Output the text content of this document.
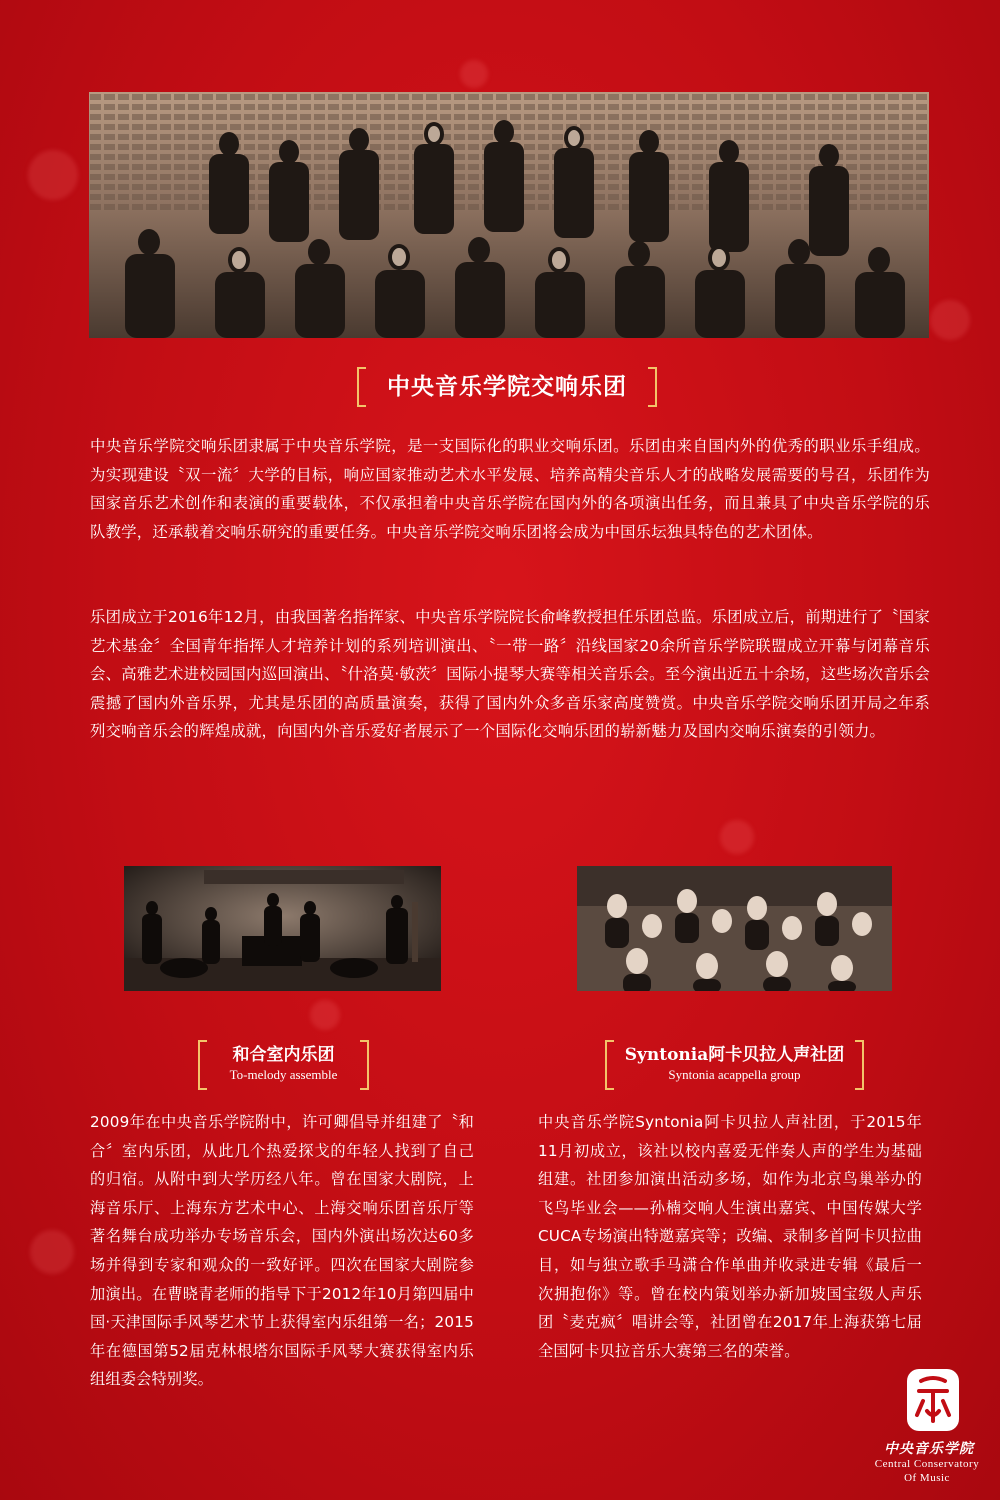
中央音乐学院交响乐团

中央音乐学院交响乐团隶属于中央音乐学院，是一支国际化的职业交响乐团。乐团由来自国内外的优秀的职业乐手组成。为实现建设〝双一流〞大学的目标，响应国家推动艺术水平发展、培养高精尖音乐人才的战略发展需要的号召，乐团作为国家音乐艺术创作和表演的重要载体，不仅承担着中央音乐学院在国内外的各项演出任务，而且兼具了中央音乐学院的乐队教学，还承载着交响乐研究的重要任务。中央音乐学院交响乐团将会成为中国乐坛独具特色的艺术团体。

乐团成立于2016年12月，由我国著名指挥家、中央音乐学院院长俞峰教授担任乐团总监。乐团成立后，前期进行了〝国家艺术基金〞全国青年指挥人才培养计划的系列培训演出、〝一带一路〞沿线国家20余所音乐学院联盟成立开幕与闭幕音乐会、高雅艺术进校园国内巡回演出、〝什洛莫·敏茨〞国际小提琴大赛等相关音乐会。至今演出近五十余场，这些场次音乐会震撼了国内外音乐界，尤其是乐团的高质量演奏，获得了国内外众多音乐家高度赞赏。中央音乐学院交响乐团开局之年系列交响音乐会的辉煌成就，向国内外音乐爱好者展示了一个国际化交响乐团的崭新魅力及国内交响乐演奏的引领力。

和合室内乐团
To-melody assemble
Syntonia阿卡贝拉人声社团
Syntonia acappella group

2009年在中央音乐学院附中，许可卿倡导并组建了〝和合〞室内乐团，从此几个热爱探戈的年轻人找到了自己的归宿。从附中到大学历经八年。曾在国家大剧院，上海音乐厅、上海东方艺术中心、上海交响乐团音乐厅等著名舞台成功举办专场音乐会，国内外演出场次达60多场并得到专家和观众的一致好评。四次在国家大剧院参加演出。在曹晓青老师的指导下于2012年10月第四届中国·天津国际手风琴艺术节上获得室内乐组第一名；2015年在德国第52届克林根塔尔国际手风琴大赛获得室内乐组组委会特别奖。

中央音乐学院Syntonia阿卡贝拉人声社团，于2015年11月初成立，该社以校内喜爱无伴奏人声的学生为基础组建。社团参加演出活动多场，如作为北京鸟巢举办的飞鸟毕业会——孙楠交响人生演出嘉宾、中国传媒大学CUCA专场演出特邀嘉宾等；改编、录制多首阿卡贝拉曲目，如与独立歌手马潇合作单曲并收录进专辑《最后一次拥抱你》等。曾在校内策划举办新加坡国宝级人声乐团〝麦克疯〞唱讲会等，社团曾在2017年上海获第七届全国阿卡贝拉音乐大赛第三名的荣誉。

中央音乐学院
Central Conservatory
Of Music
